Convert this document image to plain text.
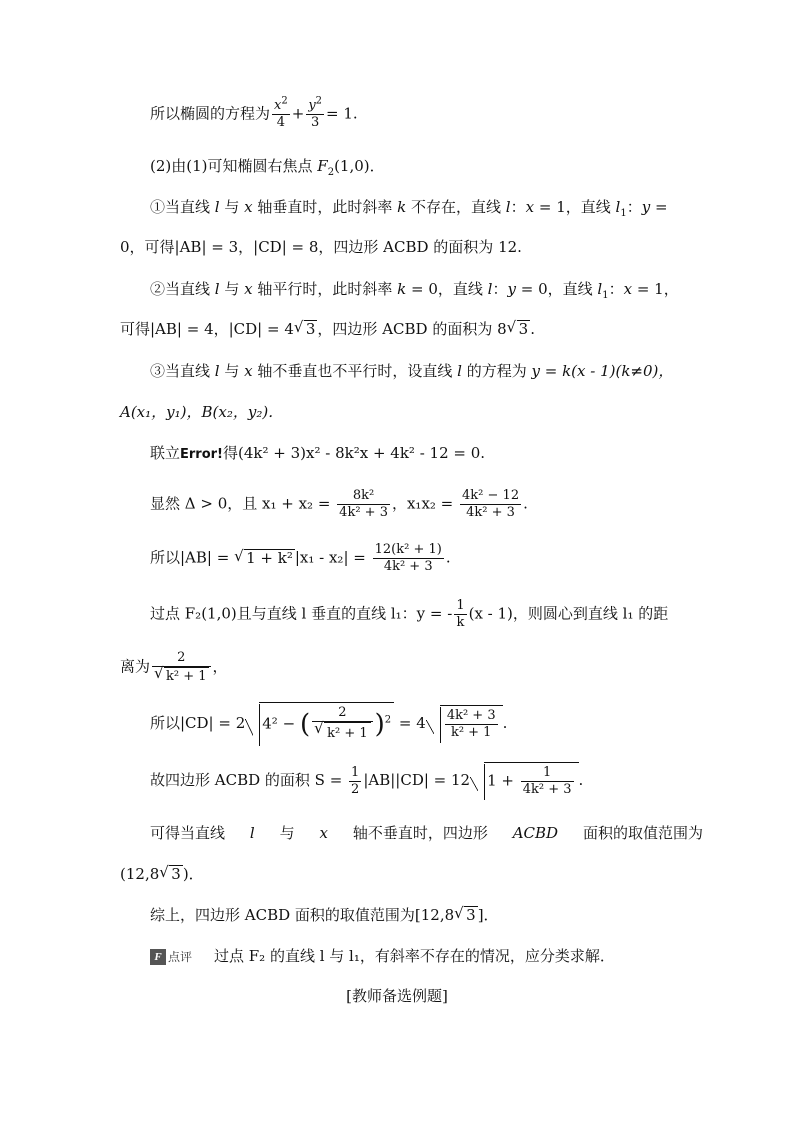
所以椭圆的方程为 $\frac{x^2}{4} + \frac{y^2}{3} = 1$.
(2)由(1)可知椭圆右焦点 $F_2(1,0)$．
①当直线 l 与 x 轴垂直时，此时斜率 k 不存在，直线 l：x = 1，直线 $l_1$：y =
0，可得|AB| = 3，|CD| = 8，四边形 ACBD 的面积为 12.
②当直线 l 与 x 轴平行时，此时斜率 k = 0，直线 l：y = 0，直线 $l_1$：x = 1，
可得|AB| = 4，|CD| = 4 √ 3 ，四边形 ACBD 的面积为 8 √ 3 .
③当直线 l 与 x 轴不垂直也不平行时，设直线 l 的方程为 y = k(x - 1)(k≠0)，
A(x₁，y₁)，B(x₂，y₂)．
联立Error!得(4k² + 3)x² - 8k²x + 4k² - 12 = 0.
显然 Δ > 0，且 $x_1 + x_2 = \frac{\text{8k²}}{\text{4k² + 3}}$ ，$x_1x_2 = \frac{\text{4k² − 12}}{\text{4k² + 3}}$ .
所以|AB| = √ 1 + k² $|x_1 - x_2| = \frac{\text{12(k² + 1)}}{\text{4k² + 3}}$ .
过点 F₂(1,0)且与直线 l 垂直的直线 l₁：y = - $\frac{1}{k} (x - 1)$，则圆心到直线 l₁ 的距
离为 2
√ k² + 1 ，
所以|CD| = 2 4² − ( 2
√ k² + 1 )$^2 = 4 \frac{\text{4k² + 3}}{\text{k² + 1}}$ .
故四边形 ACBD 的面积 $S = \frac{1}{2} |AB||CD| = 12$ $1 + \frac{1}{\text{4k² + 3}}$ .
可得当直线 l 与 x 轴不垂直时，四边形 ACBD 面积的取值范围为
(12,8 √ 3 )．
综上，四边形 ACBD 面积的取值范围为[12,8 √ 3 ]．
F 点评 过点 F₂ 的直线 l 与 l₁，有斜率不存在的情况，应分类求解．
[教师备选例题]
